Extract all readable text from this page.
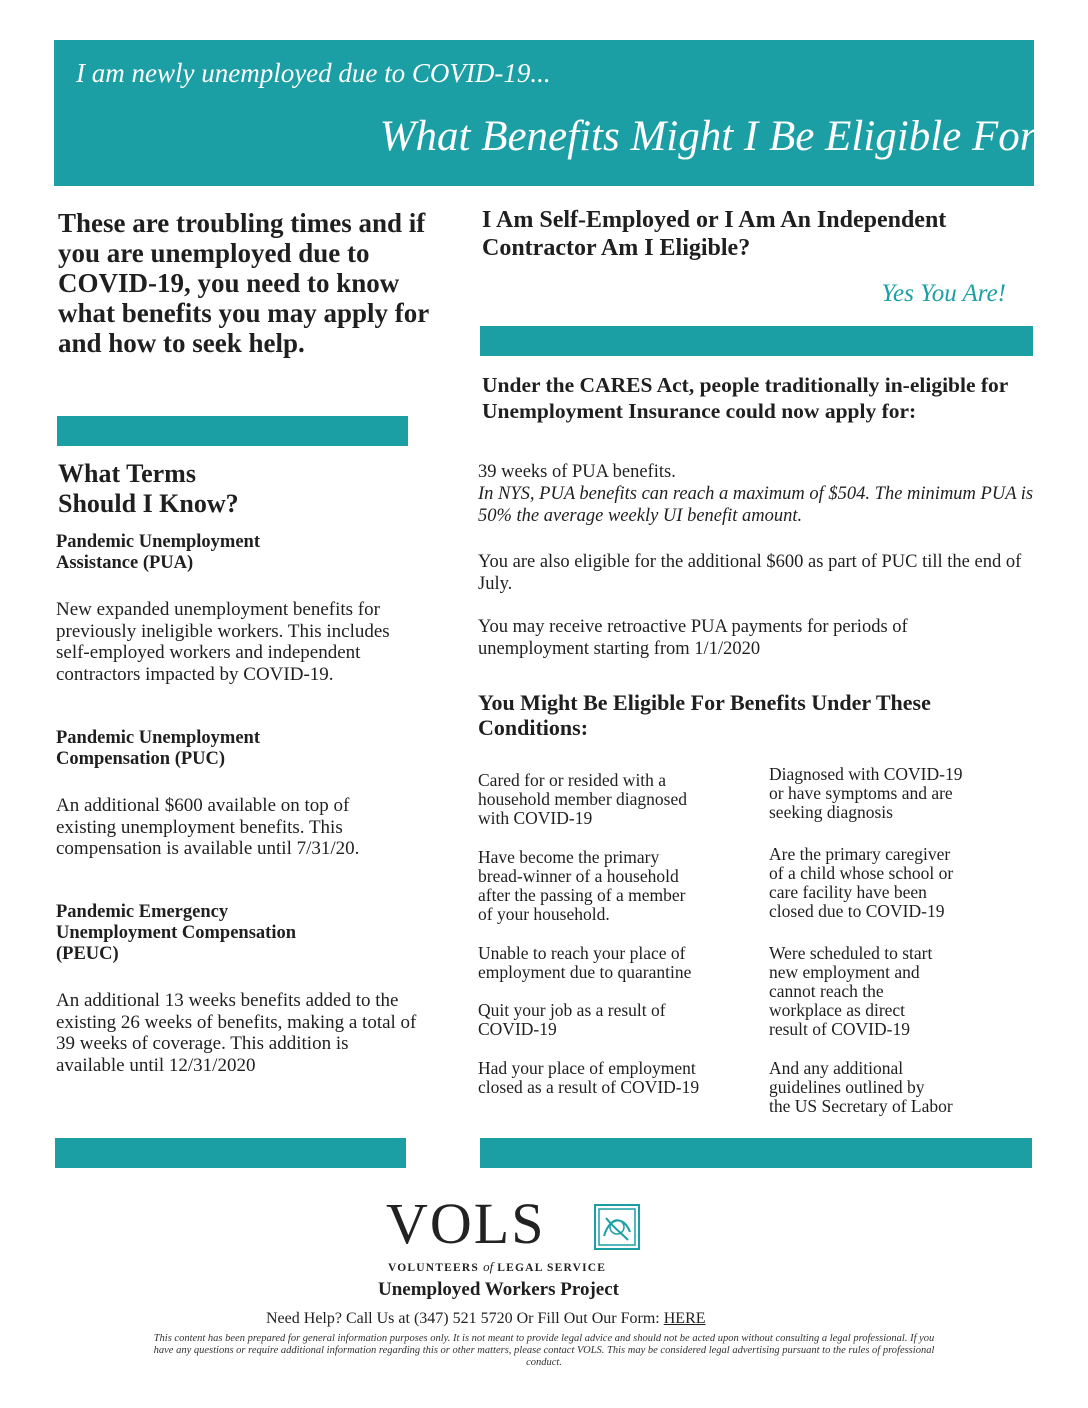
I am newly unemployed due to COVID-19...
What Benefits Might I Be Eligible For?
These are troubling times and if you are unemployed due to COVID-19, you need to know what benefits you may apply for and how to seek help.
What Terms
Should I Know?
Pandemic Unemployment Assistance (PUA)
New expanded unemployment benefits for previously ineligible workers. This includes self-employed workers and independent contractors impacted by COVID-19.
Pandemic Unemployment Compensation (PUC)
An additional $600 available on top of existing unemployment benefits. This compensation is available until 7/31/20.
Pandemic Emergency Unemployment Compensation (PEUC)
An additional 13 weeks benefits added to the existing 26 weeks of benefits, making a total of 39 weeks of coverage. This addition is available until 12/31/2020
I Am Self-Employed or I Am An Independent Contractor Am I Eligible?
Yes You Are!
Under the CARES Act, people traditionally in-eligible for Unemployment Insurance could now apply for:
39 weeks of PUA benefits.
In NYS, PUA benefits can reach a maximum of $504. The minimum PUA is 50% the average weekly UI benefit amount.
You are also eligible for the additional $600 as part of PUC till the end of July.
You may receive retroactive PUA payments for periods of unemployment starting from 1/1/2020
You Might Be Eligible For Benefits Under These Conditions:
Cared for or resided with a
household member diagnosed
with COVID-19
Have become the primary
bread-winner of a household
after the passing of a member
of your household.
Unable to reach your place of
employment due to quarantine
Quit your job as a result of
COVID-19
Had your place of employment
closed as a result of COVID-19
Diagnosed with COVID-19
or have symptoms and are
seeking diagnosis
Are the primary caregiver
of a child whose school or
care facility have been
closed due to COVID-19
Were scheduled to start
new employment and
cannot reach the
workplace as direct
result of COVID-19
And any additional
guidelines outlined by
the US Secretary of Labor
VOLS
VOLUNTEERS of LEGAL SERVICE
Unemployed Workers Project
Need Help? Call Us at (347) 521 5720 Or Fill Out Our Form: HERE
This content has been prepared for general information purposes only. It is not meant to provide legal advice and should not be acted upon without consulting a legal professional. If you have any questions or require additional information regarding this or other matters, please contact VOLS. This may be considered legal advertising pursuant to the rules of professional conduct.
